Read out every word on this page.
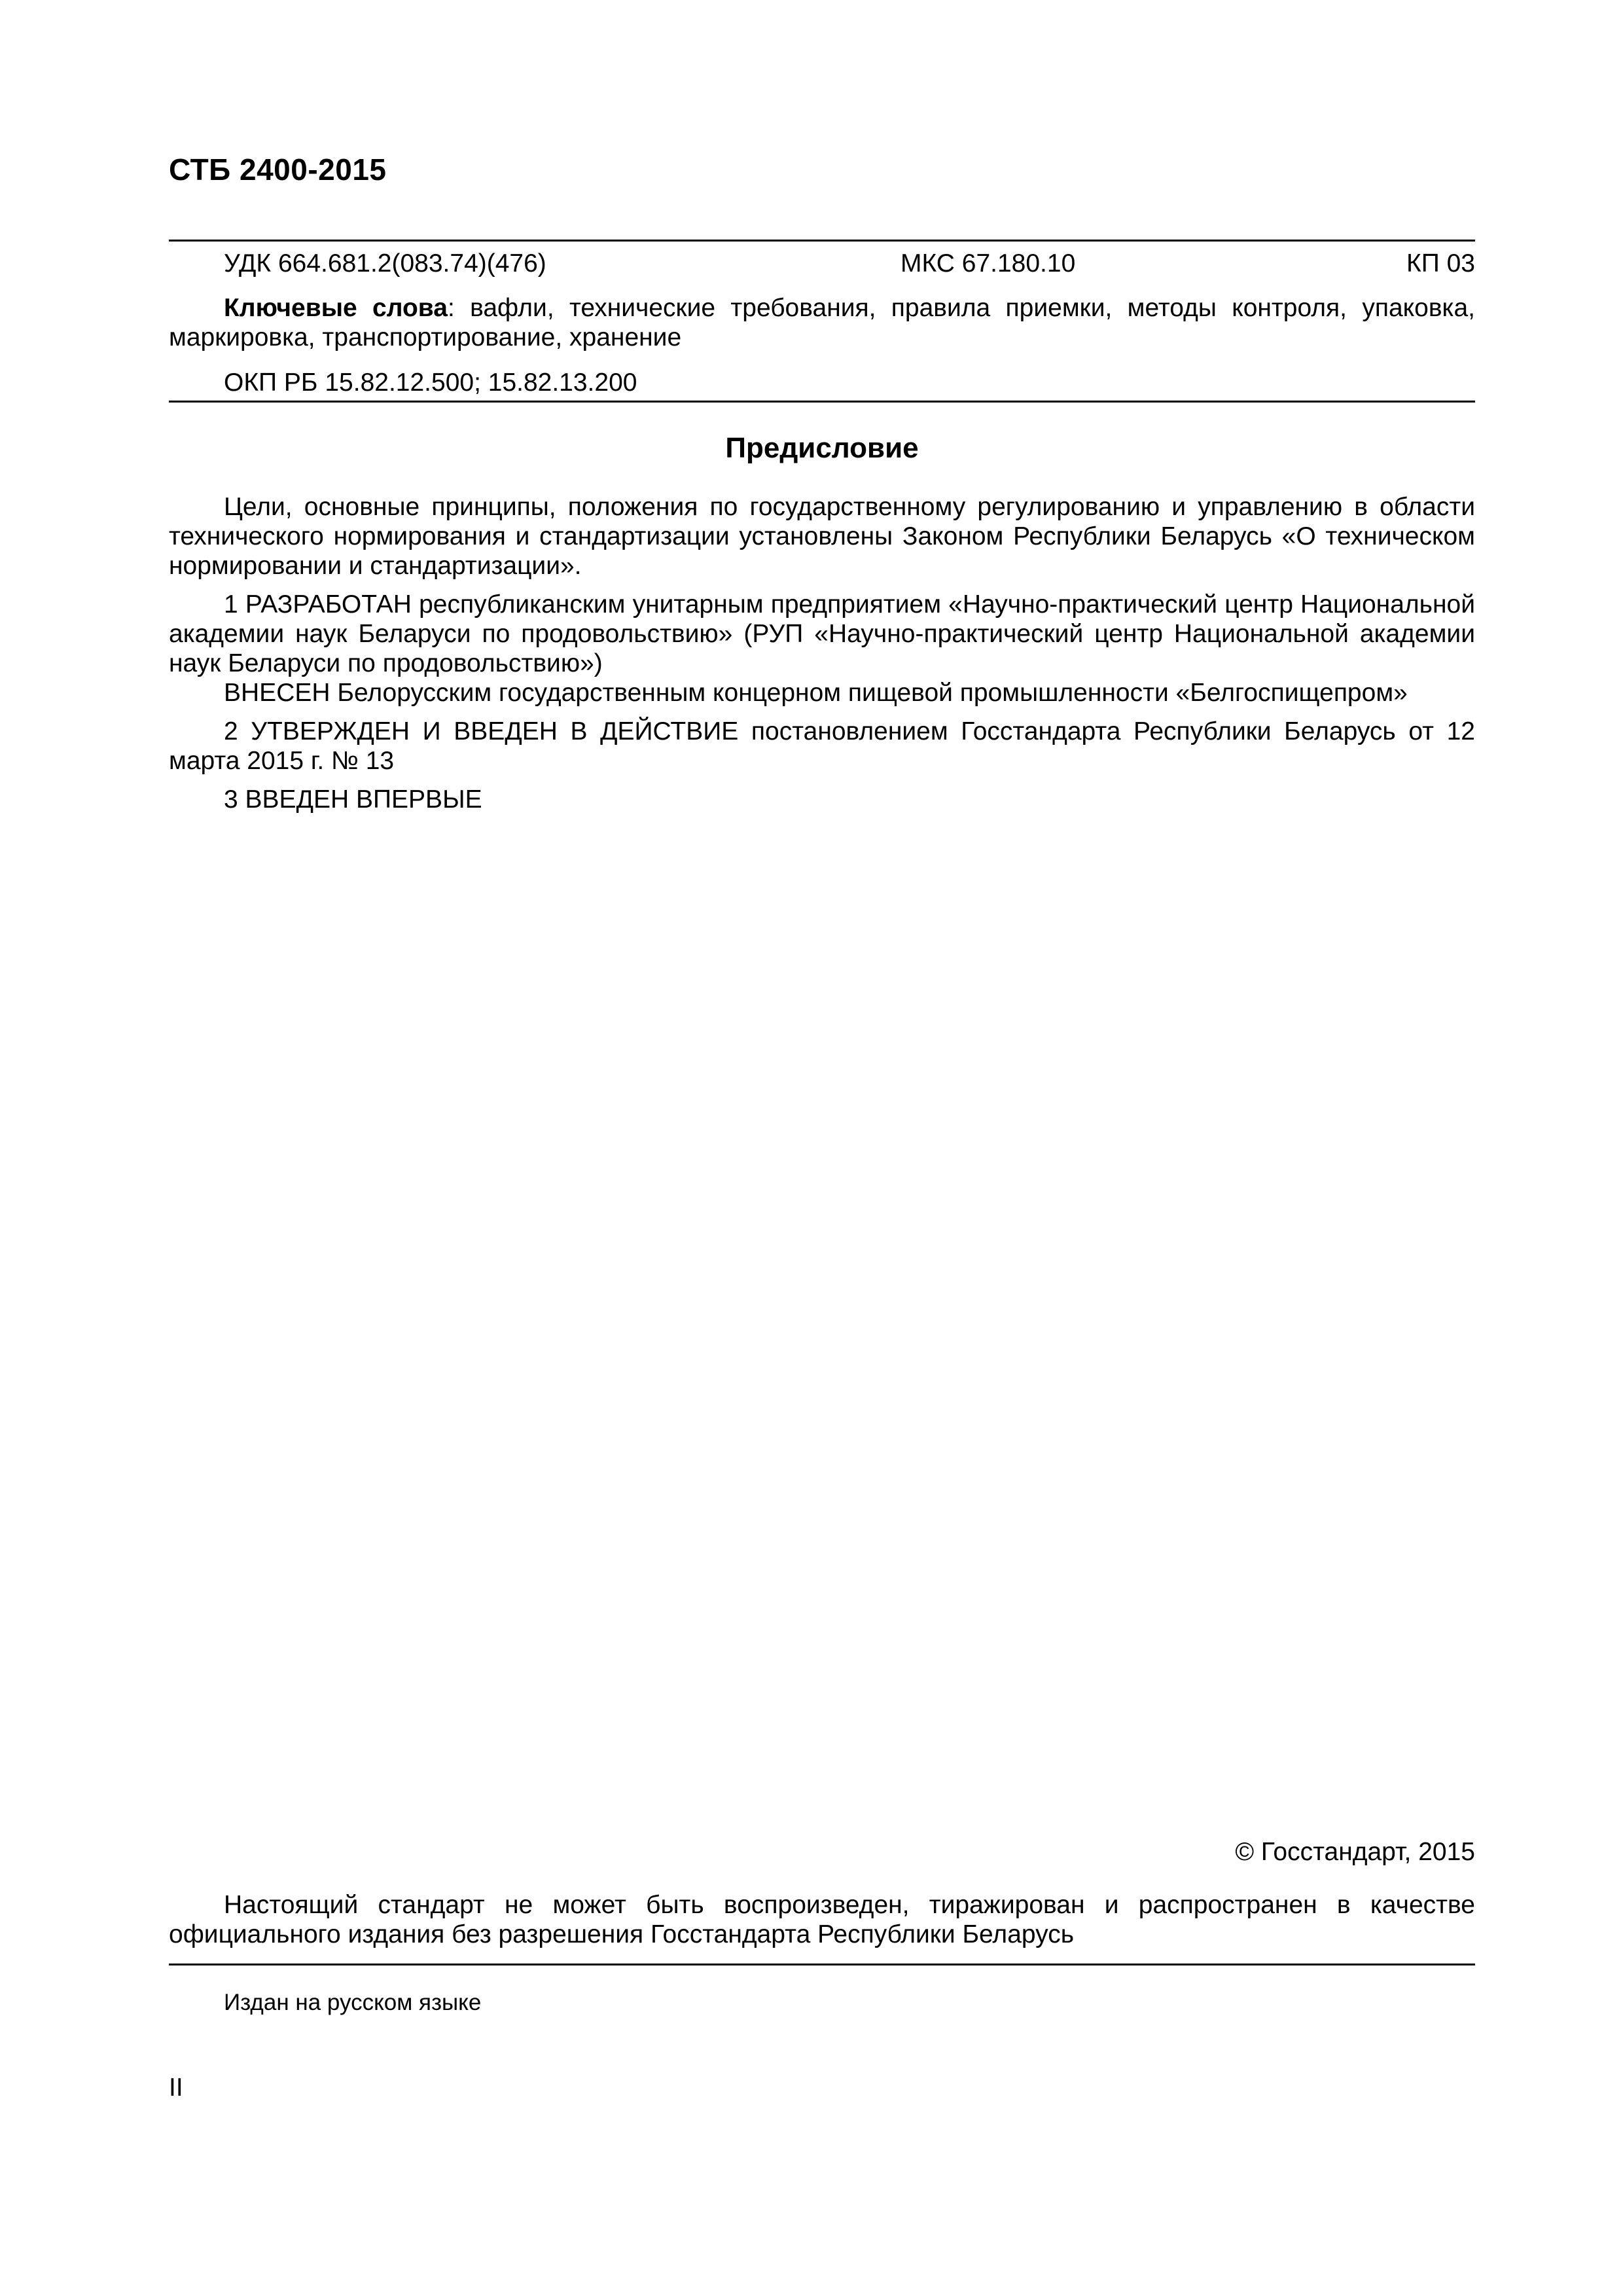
СТБ 2400-2015
УДК 664.681.2(083.74)(476)	МКС 67.180.10	КП 03
Ключевые слова: вафли, технические требования, правила приемки, методы контроля, упаковка, маркировка, транспортирование, хранение
ОКП РБ 15.82.12.500; 15.82.13.200
Предисловие

Цели, основные принципы, положения по государственному регулированию и управлению в области технического нормирования и стандартизации установлены Законом Республики Беларусь «О техническом нормировании и стандартизации».

1 РАЗРАБОТАН республиканским унитарным предприятием «Научно-практический центр Национальной академии наук Беларуси по продовольствию» (РУП «Научно-практический центр Национальной академии наук Беларуси по продовольствию»)

ВНЕСЕН Белорусским государственным концерном пищевой промышленности «Белгоспищепром»

2 УТВЕРЖДЕН И ВВЕДЕН В ДЕЙСТВИЕ постановлением Госстандарта Республики Беларусь от 12 марта 2015 г. № 13

3 ВВЕДЕН ВПЕРВЫЕ

© Госстандарт, 2015
Настоящий стандарт не может быть воспроизведен, тиражирован и распространен в качестве официального издания без разрешения Госстандарта Республики Беларусь
Издан на русском языке
II
